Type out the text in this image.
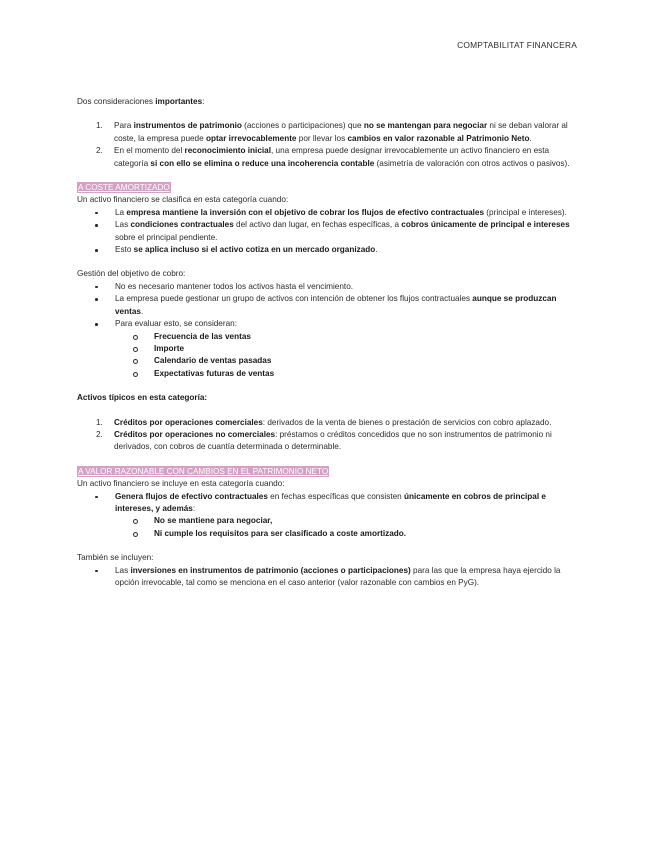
COMPTABILITAT FINANCERA

Dos consideraciones importantes:

1. Para instrumentos de patrimonio (acciones o participaciones) que no se mantengan para negociar ni se deban valorar al coste, la empresa puede optar irrevocablemente por llevar los cambios en valor razonable al Patrimonio Neto.
2. En el momento del reconocimiento inicial, una empresa puede designar irrevocablemente un activo financiero en esta categoría si con ello se elimina o reduce una incoherencia contable (asimetría de valoración con otros activos o pasivos).

A COSTE AMORTIZADO

Un activo financiero se clasifica en esta categoría cuando:

La empresa mantiene la inversión con el objetivo de cobrar los flujos de efectivo contractuales (principal e intereses).
Las condiciones contractuales del activo dan lugar, en fechas específicas, a cobros únicamente de principal e intereses sobre el principal pendiente.
Esto se aplica incluso si el activo cotiza en un mercado organizado.

Gestión del objetivo de cobro:

No es necesario mantener todos los activos hasta el vencimiento.
La empresa puede gestionar un grupo de activos con intención de obtener los flujos contractuales aunque se produzcan ventas.
Para evaluar esto, se consideran:
Frecuencia de las ventas
Importe
Calendario de ventas pasadas
Expectativas futuras de ventas

Activos típicos en esta categoría:

1. Créditos por operaciones comerciales: derivados de la venta de bienes o prestación de servicios con cobro aplazado.
2. Créditos por operaciones no comerciales: préstamos o créditos concedidos que no son instrumentos de patrimonio ni derivados, con cobros de cuantía determinada o determinable.

A VALOR RAZONABLE CON CAMBIOS EN EL PATRIMONIO NETO

Un activo financiero se incluye en esta categoría cuando:

Genera flujos de efectivo contractuales en fechas específicas que consisten únicamente en cobros de principal e intereses, y además:
No se mantiene para negociar,
Ni cumple los requisitos para ser clasificado a coste amortizado.

También se incluyen:

Las inversiones en instrumentos de patrimonio (acciones o participaciones) para las que la empresa haya ejercido la opción irrevocable, tal como se menciona en el caso anterior (valor razonable con cambios en PyG).
